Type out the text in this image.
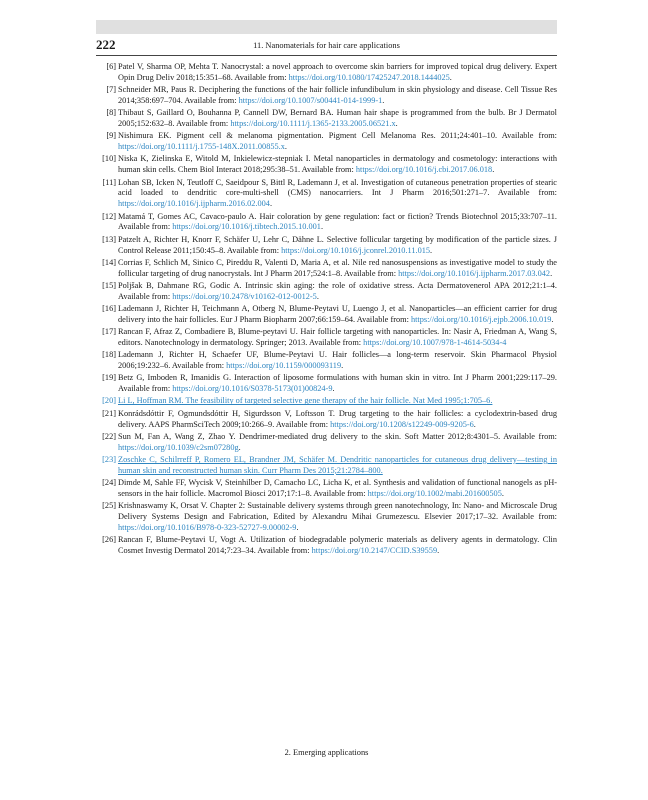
222	11. Nanomaterials for hair care applications
[6] Patel V, Sharma OP, Mehta T. Nanocrystal: a novel approach to overcome skin barriers for improved topical drug delivery. Expert Opin Drug Deliv 2018;15:351–68. Available from: https://doi.org/10.1080/17425247.2018.1444025.
[7] Schneider MR, Paus R. Deciphering the functions of the hair follicle infundibulum in skin physiology and disease. Cell Tissue Res 2014;358:697–704. Available from: https://doi.org/10.1007/s00441-014-1999-1.
[8] Thibaut S, Gaillard O, Bouhanna P, Cannell DW, Bernard BA. Human hair shape is programmed from the bulb. Br J Dermatol 2005;152:632–8. Available from: https://doi.org/10.1111/j.1365-2133.2005.06521.x.
[9] Nishimura EK. Pigment cell & melanoma pigmentation. Pigment Cell Melanoma Res. 2011;24:401–10. Available from: https://doi.org/10.1111/j.1755-148X.2011.00855.x.
[10] Niska K, Zielinska E, Witold M, Inkielewicz-stepniak I. Metal nanoparticles in dermatology and cosmetology: interactions with human skin cells. Chem Biol Interact 2018;295:38–51. Available from: https://doi.org/10.1016/j.cbi.2017.06.018.
[11] Lohan SB, Icken N, Teutloff C, Saeidpour S, Bittl R, Lademann J, et al. Investigation of cutaneous penetration properties of stearic acid loaded to dendritic core-multi-shell (CMS) nanocarriers. Int J Pharm 2016;501:271–7. Available from: https://doi.org/10.1016/j.ijpharm.2016.02.004.
[12] Matamá T, Gomes AC, Cavaco-paulo A. Hair coloration by gene regulation: fact or fiction? Trends Biotechnol 2015;33:707–11. Available from: https://doi.org/10.1016/j.tibtech.2015.10.001.
[13] Patzelt A, Richter H, Knorr F, Schäfer U, Lehr C, Dähne L. Selective follicular targeting by modification of the particle sizes. J Control Release 2011;150:45–8. Available from: https://doi.org/10.1016/j.jconrel.2010.11.015.
[14] Corrias F, Schlich M, Sinico C, Pireddu R, Valenti D, Maria A, et al. Nile red nanosuspensions as investigative model to study the follicular targeting of drug nanocrystals. Int J Pharm 2017;524:1–8. Available from: https://doi.org/10.1016/j.ijpharm.2017.03.042.
[15] Poljšak B, Dahmane RG, Godic A. Intrinsic skin aging: the role of oxidative stress. Acta Dermatovenerol APA 2012;21:1–4. Available from: https://doi.org/10.2478/v10162-012-0012-5.
[16] Lademann J, Richter H, Teichmann A, Otberg N, Blume-Peytavi U, Luengo J, et al. Nanoparticles—an efficient carrier for drug delivery into the hair follicles. Eur J Pharm Biopharm 2007;66:159–64. Available from: https://doi.org/10.1016/j.ejpb.2006.10.019.
[17] Rancan F, Afraz Z, Combadiere B, Blume-peytavi U. Hair follicle targeting with nanoparticles. In: Nasir A, Friedman A, Wang S, editors. Nanotechnology in dermatology. Springer; 2013. Available from: https://doi.org/10.1007/978-1-4614-5034-4
[18] Lademann J, Richter H, Schaefer UF, Blume-Peytavi U. Hair follicles—a long-term reservoir. Skin Pharmacol Physiol 2006;19:232–6. Available from: https://doi.org/10.1159/000093119.
[19] Betz G, Imboden R, Imanidis G. Interaction of liposome formulations with human skin in vitro. Int J Pharm 2001;229:117–29. Available from: https://doi.org/10.1016/S0378-5173(01)00824-9.
[20] Li L, Hoffman RM. The feasibility of targeted selective gene therapy of the hair follicle. Nat Med 1995;1:705–6.
[21] Konrádsdóttir F, Ogmundsdóttir H, Sigurdsson V, Loftsson T. Drug targeting to the hair follicles: a cyclodextrin-based drug delivery. AAPS PharmSciTech 2009;10:266–9. Available from: https://doi.org/10.1208/s12249-009-9205-6.
[22] Sun M, Fan A, Wang Z, Zhao Y. Dendrimer-mediated drug delivery to the skin. Soft Matter 2012;8:4301–5. Available from: https://doi.org/10.1039/c2sm07280g.
[23] Zoschke C, Schilrreff P, Romero EL, Brandner JM, Schäfer M. Dendritic nanoparticles for cutaneous drug delivery—testing in human skin and reconstructed human skin. Curr Pharm Des 2015;21:2784–800.
[24] Dimde M, Sahle FF, Wycisk V, Steinhilber D, Camacho LC, Licha K, et al. Synthesis and validation of functional nanogels as pH-sensors in the hair follicle. Macromol Biosci 2017;17:1–8. Available from: https://doi.org/10.1002/mabi.201600505.
[25] Krishnaswamy K, Orsat V. Chapter 2: Sustainable delivery systems through green nanotechnology, In: Nano- and Microscale Drug Delivery Systems Design and Fabrication, Edited by Alexandru Mihai Grumezescu. Elsevier 2017;17–32. Available from: https://doi.org/10.1016/B978-0-323-52727-9.00002-9.
[26] Rancan F, Blume-Peytavi U, Vogt A. Utilization of biodegradable polymeric materials as delivery agents in dermatology. Clin Cosmet Investig Dermatol 2014;7:23–34. Available from: https://doi.org/10.2147/CCID.S39559.
2. Emerging applications
